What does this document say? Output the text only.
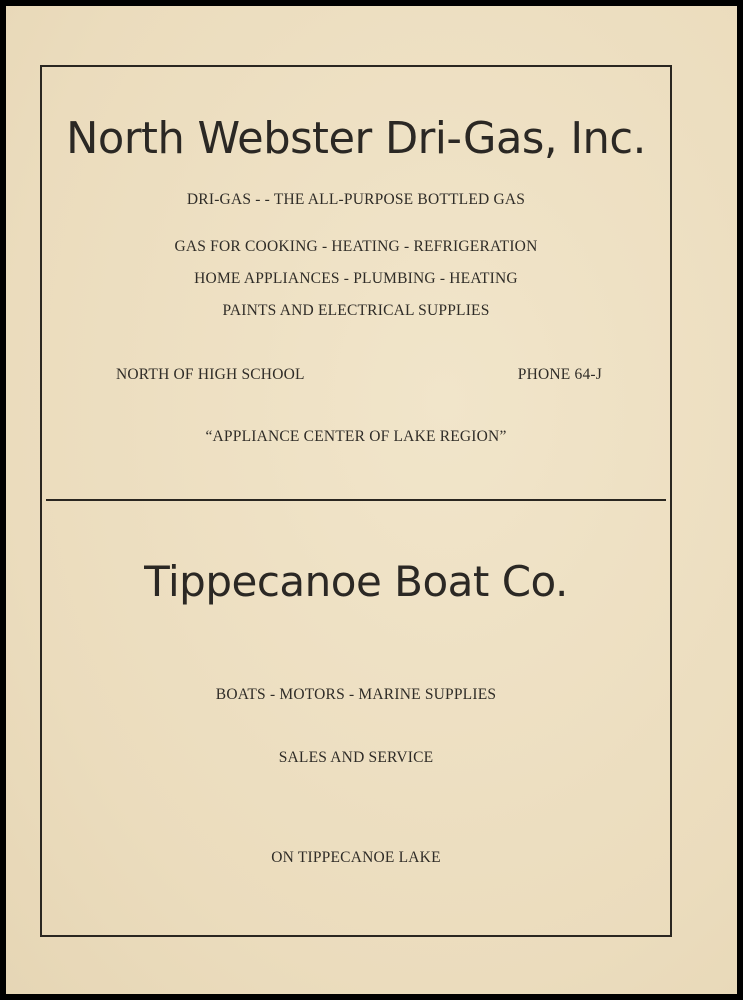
North Webster Dri-Gas, Inc.
DRI-GAS - - THE ALL-PURPOSE BOTTLED GAS
GAS FOR COOKING - HEATING - REFRIGERATION
HOME APPLIANCES - PLUMBING - HEATING
PAINTS AND ELECTRICAL SUPPLIES
NORTH OF HIGH SCHOOL	PHONE 64-J
“APPLIANCE CENTER OF LAKE REGION”
Tippecanoe Boat Co.
BOATS - MOTORS - MARINE SUPPLIES
SALES AND SERVICE
ON TIPPECANOE LAKE
